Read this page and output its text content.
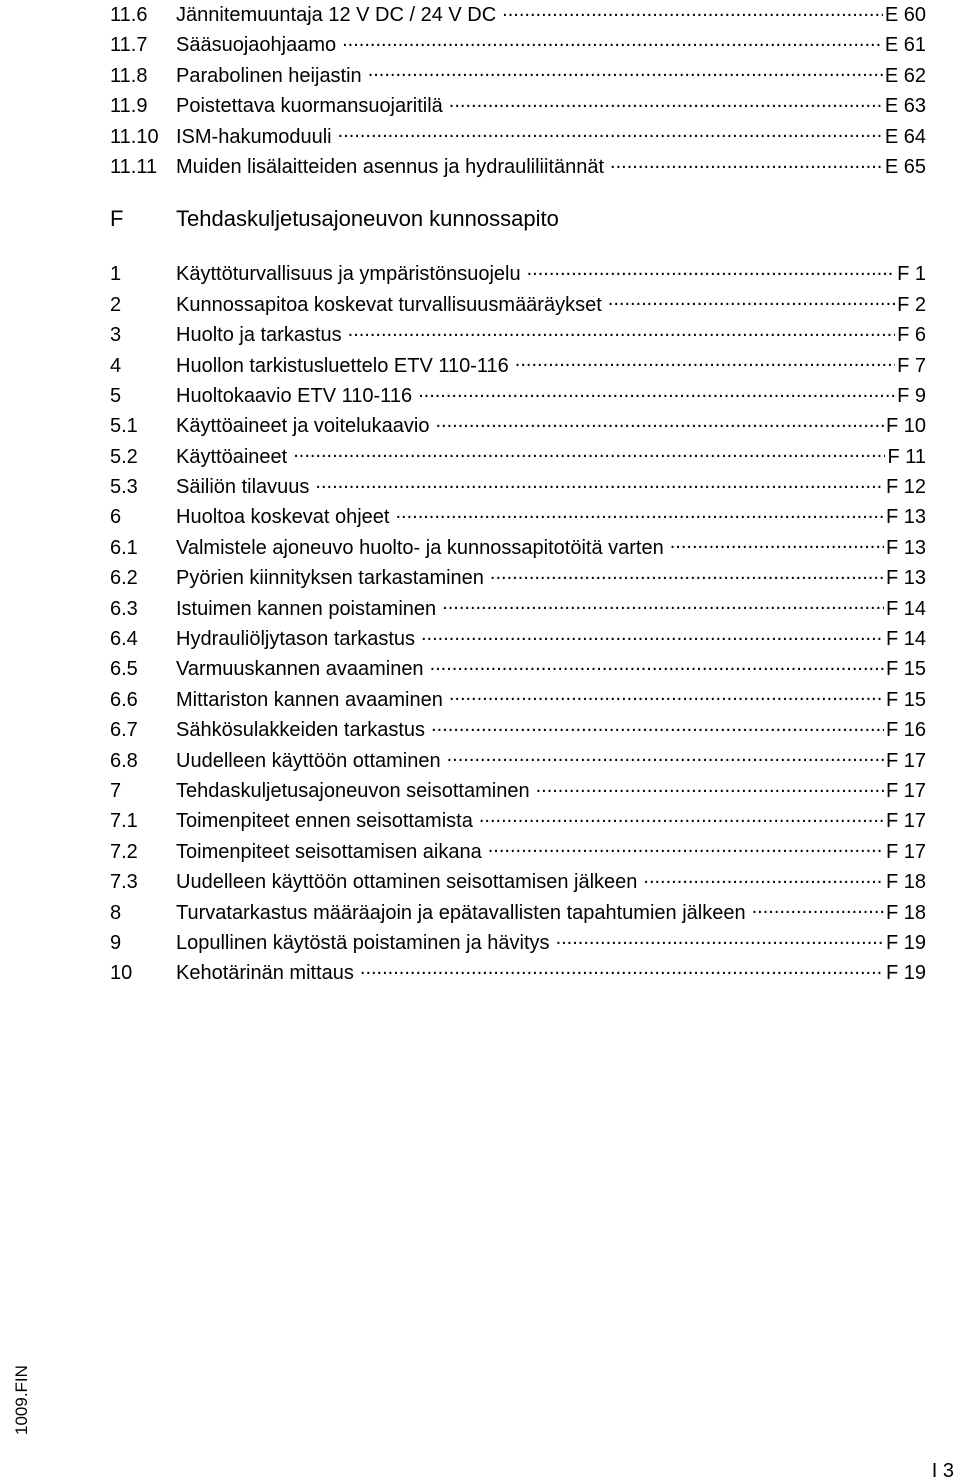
11.6	Jännitemuuntaja 12 V DC / 24 V DC .....	E 60
11.7	Sääsuojaohjaamo .....	E 61
11.8	Parabolinen heijastin .....	E 62
11.9	Poistettava kuormansuojaritilä .....	E 63
11.10 ISM-hakumoduuli .....	E 64
11.11 Muiden lisälaitteiden asennus ja hydrauliliitännät .....	E 65
F	Tehdaskuljetusajoneuvon kunnossapito
1	Käyttöturvallisuus ja ympäristönsuojelu .....	F 1
2	Kunnossapitoa koskevat turvallisuusmääräykset .....	F 2
3	Huolto ja tarkastus .....	F 6
4	Huollon tarkistusluettelo ETV 110-116 .....	F 7
5	Huoltokaavio ETV 110-116 .....	F 9
5.1	Käyttöaineet ja voitelukaavio .....	F 10
5.2	Käyttöaineet .....	F 11
5.3	Säiliön tilavuus .....	F 12
6	Huoltoa koskevat ohjeet .....	F 13
6.1	Valmistele ajoneuvo huolto- ja kunnossapitotöitä varten .....	F 13
6.2	Pyörien kiinnityksen tarkastaminen .....	F 13
6.3	Istuimen kannen poistaminen .....	F 14
6.4	Hydrauliöljytason tarkastus .....	F 14
6.5	Varmuuskannen avaaminen .....	F 15
6.6	Mittariston kannen avaaminen .....	F 15
6.7	Sähkösulakkeiden tarkastus .....	F 16
6.8	Uudelleen käyttöön ottaminen .....	F 17
7	Tehdaskuljetusajoneuvon seisottaminen .....	F 17
7.1	Toimenpiteet ennen seisottamista .....	F 17
7.2	Toimenpiteet seisottamisen aikana .....	F 17
7.3	Uudelleen käyttöön ottaminen seisottamisen jälkeen .....	F 18
8	Turvatarkastus määräajoin ja epätavallisten tapahtumien jälkeen .....	F 18
9	Lopullinen käytöstä poistaminen ja hävitys .....	F 19
10	Kehotärinän mittaus .....	F 19
1009.FIN
I 3
